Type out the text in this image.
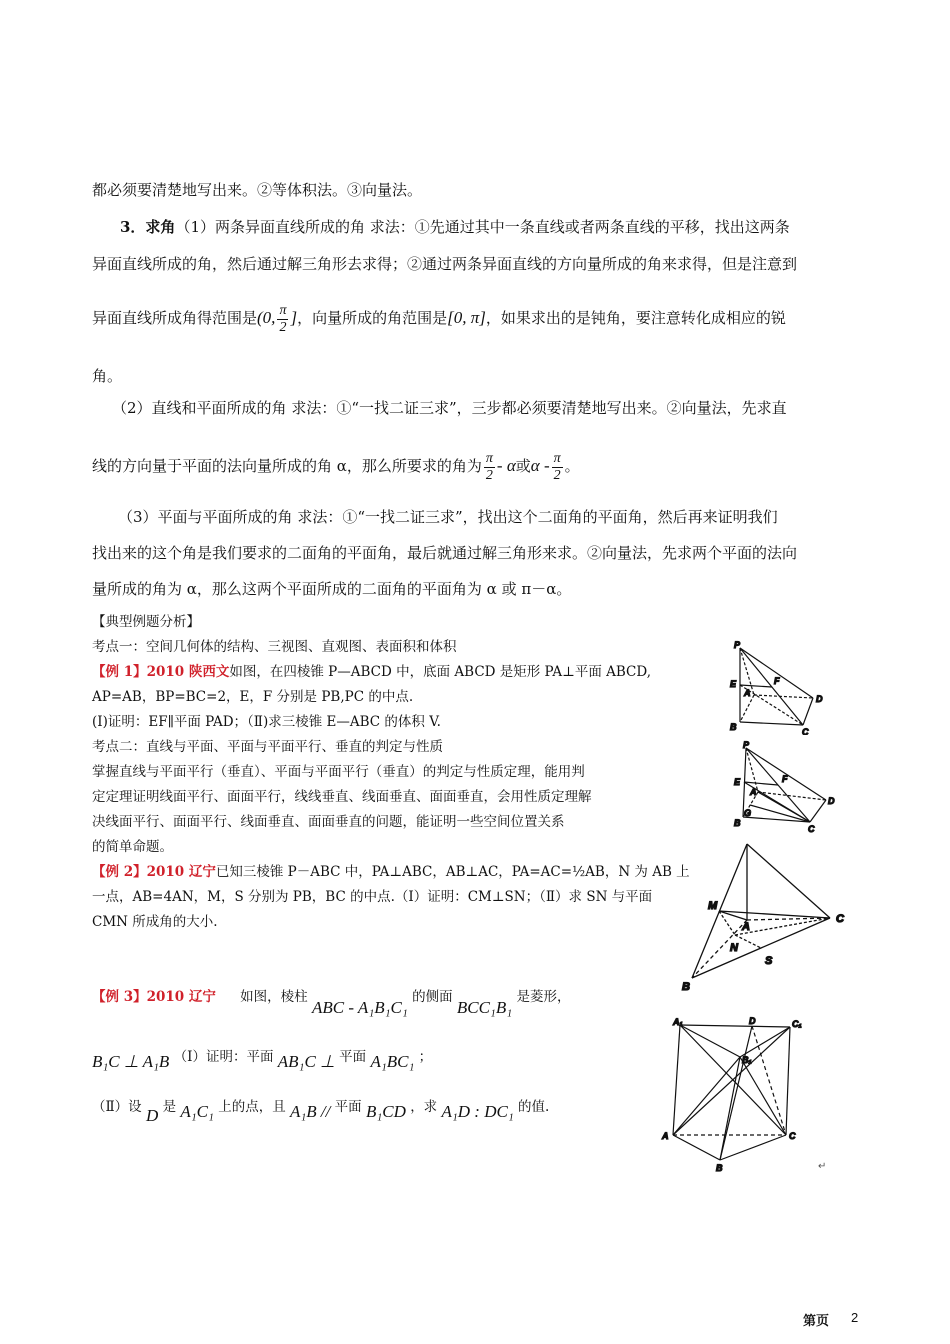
都必须要清楚地写出来。②等体积法。③向量法。
3．求角（1）两条异面直线所成的角 求法：①先通过其中一条直线或者两条直线的平移，找出这两条
异面直线所成的角，然后通过解三角形去求得；②通过两条异面直线的方向量所成的角来求得，但是注意到
异面直线所成角得范围是(0, $\frac{\pi}{2}$ ]，向量所成的角范围是[0, π]，如果求出的是钝角，要注意转化成相应的锐
角。
（2）直线和平面所成的角 求法：①“一找二证三求”，三步都必须要清楚地写出来。②向量法，先求直
线的方向量于平面的法向量所成的角 α，那么所要求的角为 $\frac{\pi}{2}$ - α或α - $\frac{\pi}{2}$ 。
（3）平面与平面所成的角 求法：①“一找二证三求”，找出这个二面角的平面角，然后再来证明我们
找出来的这个角是我们要求的二面角的平面角，最后就通过解三角形来求。②向量法，先求两个平面的法向
量所成的角为 α，那么这两个平面所成的二面角的平面角为 α 或 π－α。
【典型例题分析】
考点一：空间几何体的结构、三视图、直观图、表面积和体积
【例 1】2010 陕西文如图，在四棱锥 P—ABCD 中，底面 ABCD 是矩形 PA⊥平面 ABCD,
AP=AB，BP=BC=2，E，F 分别是 PB,PC 的中点.
(Ⅰ)证明：EF∥平面 PAD；（Ⅱ)求三棱锥 E—ABC 的体积 V.
考点二：直线与平面、平面与平面平行、垂直的判定与性质
掌握直线与平面平行（垂直）、平面与平面平行（垂直）的判定与性质定理，能用判
定定理证明线面平行、面面平行，线线垂直、线面垂直、面面垂直，会用性质定理解
决线面平行、面面平行、线面垂直、面面垂直的问题，能证明一些空间位置关系
的简单命题。
【例 2】2010 辽宁已知三棱锥 P－ABC 中，PA⊥ABC，AB⊥AC，PA=AC=½AB，N 为 AB 上
一点，AB=4AN，M，S 分别为 PB，BC 的中点.（Ⅰ）证明：CM⊥SN；（Ⅱ）求 SN 与平面
CMN 所成角的大小.
【例 3】2010 辽宁 如图，棱柱 ABC - A₁B₁C₁ 的侧面 BCC₁B₁ 是菱形，
B₁C ⊥ A₁B （Ⅰ）证明：平面 AB₁C ⊥ 平面 A₁BC₁ ；
（Ⅱ）设 D 是 A₁C₁ 上的点，且 A₁B // 平面 B₁CD ，求 A₁D : DC₁ 的值.
P
E	F
A
D
B	C
P
E	F
A
D
G
B
C
M
A
C
N
S
B
A₁	D	C₁
B₁
A	C
B	↵
第页 2
